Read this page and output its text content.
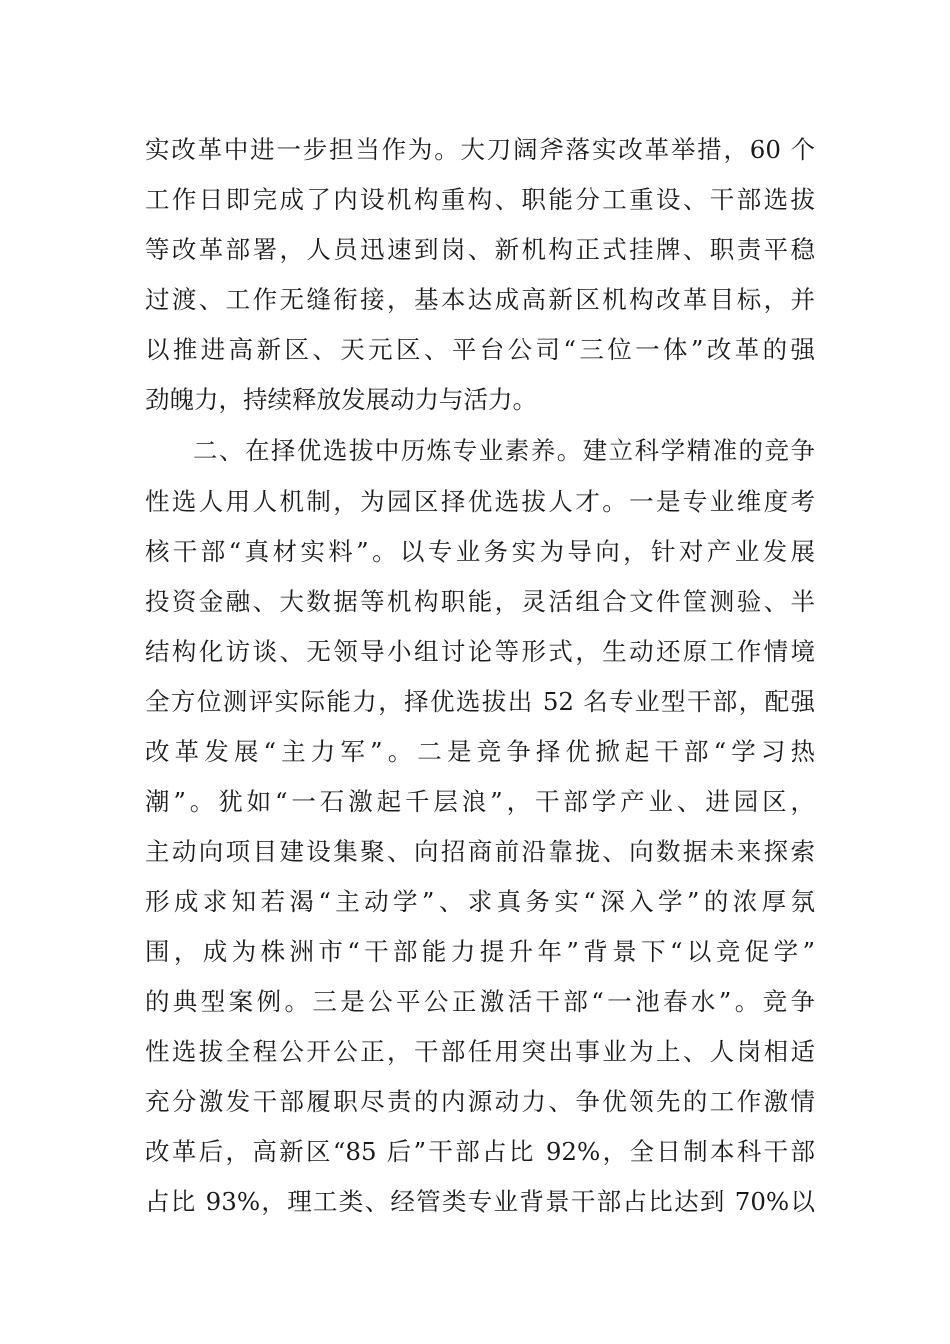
实改革中进一步担当作为。大刀阔斧落实改革举措，60 个
工作日即完成了内设机构重构、职能分工重设、干部选拔
等改革部署，人员迅速到岗、新机构正式挂牌、职责平稳
过渡、工作无缝衔接，基本达成高新区机构改革目标，并
以推进高新区、天元区、平台公司“三位一体”改革的强
劲魄力，持续释放发展动力与活力。
二、在择优选拔中历炼专业素养。建立科学精准的竞争
性选人用人机制，为园区择优选拔人才。一是专业维度考
核干部“真材实料”。以专业务实为导向，针对产业发展
投资金融、大数据等机构职能，灵活组合文件筐测验、半
结构化访谈、无领导小组讨论等形式，生动还原工作情境
全方位测评实际能力，择优选拔出 52 名专业型干部，配强
改革发展“主力军”。二是竞争择优掀起干部“学习热
潮”。犹如“一石激起千层浪”，干部学产业、进园区，
主动向项目建设集聚、向招商前沿靠拢、向数据未来探索
形成求知若渴“主动学”、求真务实“深入学”的浓厚氛
围，成为株洲市“干部能力提升年”背景下“以竞促学”
的典型案例。三是公平公正激活干部“一池春水”。竞争
性选拔全程公开公正，干部任用突出事业为上、人岗相适
充分激发干部履职尽责的内源动力、争优领先的工作激情
改革后，高新区“85 后”干部占比 92%，全日制本科干部
占比 93%，理工类、经管类专业背景干部占比达到 70%以
